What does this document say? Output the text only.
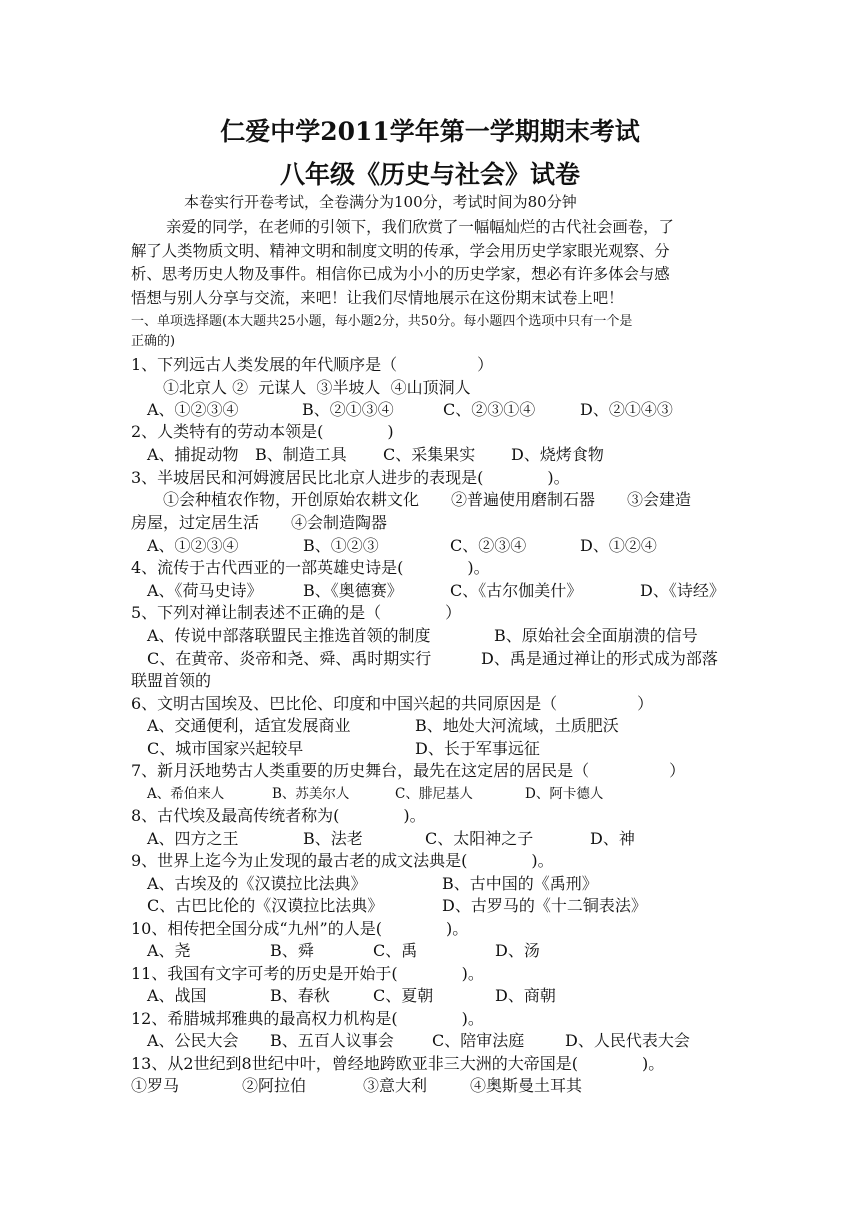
仁爱中学2011学年第一学期期末考试
八年级《历史与社会》试卷
本卷实行开卷考试，全卷满分为100分，考试时间为80分钟
亲爱的同学，在老师的引领下，我们欣赏了一幅幅灿烂的古代社会画卷，了
解了人类物质文明、精神文明和制度文明的传承，学会用历史学家眼光观察、分
析、思考历史人物及事件。相信你已成为小小的历史学家，想必有许多体会与感
悟想与别人分享与交流，来吧！让我们尽情地展示在这份期末试卷上吧！
一、单项选择题(本大题共25小题，每小题2分，共50分。每小题四个选项中只有一个是
正确的)
1、下列远古人类发展的年代顺序是（　　　　　）
①北京人 ②  元谋人  ③半坡人  ④山顶洞人
A、①②③④	B、②①③④	C、②③①④	D、②①④③
2、人类特有的劳动本领是(　　　　)
A、捕捉动物 B、制造工具 C、采集果实 D、烧烤食物
3、半坡居民和河姆渡居民比北京人进步的表现是(　　　　)。
①会种植农作物，开创原始农耕文化　　②普遍使用磨制石器　　③会建造
房屋，过定居生活　　④会制造陶器
A、①②③④	B、①②③	C、②③④	D、①②④
4、流传于古代西亚的一部英雄史诗是(　　　　)。
A、《荷马史诗》	B、《奥德赛》	C、《古尔伽美什》	D、《诗经》
5、下列对禅让制表述不正确的是（　　　　）
A、传说中部落联盟民主推选首领的制度	B、原始社会全面崩溃的信号
C、在黄帝、炎帝和尧、舜、禹时期实行	D、禹是通过禅让的形式成为部落
联盟首领的
6、文明古国埃及、巴比伦、印度和中国兴起的共同原因是（　　　　　）
A、交通便利，适宜发展商业	B、地处大河流域，土质肥沃
C、城市国家兴起较早	D、长于军事远征
7、新月沃地势古人类重要的历史舞台，最先在这定居的居民是（　　　　　）
A、希伯来人	B、苏美尔人	C、腓尼基人	D、阿卡德人
8、古代埃及最高传统者称为(　　　　)。
A、四方之王	B、法老	C、太阳神之子	D、神
9、世界上迄今为止发现的最古老的成文法典是(　　　　)。
A、古埃及的《汉谟拉比法典》	B、古中国的《禹刑》
C、古巴比伦的《汉谟拉比法典》	D、古罗马的《十二铜表法》
10、相传把全国分成“九州”的人是(　　　　)。
A、尧	B、舜	C、禹	D、汤
11、我国有文字可考的历史是开始于(　　　　)。
A、战国	B、春秋	C、夏朝	D、商朝
12、希腊城邦雅典的最高权力机构是(　　　　)。
A、公民大会 B、五百人议事会 C、陪审法庭	D、人民代表大会
13、从2世纪到8世纪中叶，曾经地跨欧亚非三大洲的大帝国是(　　　　)。
①罗马	②阿拉伯	③意大利	④奥斯曼土耳其
